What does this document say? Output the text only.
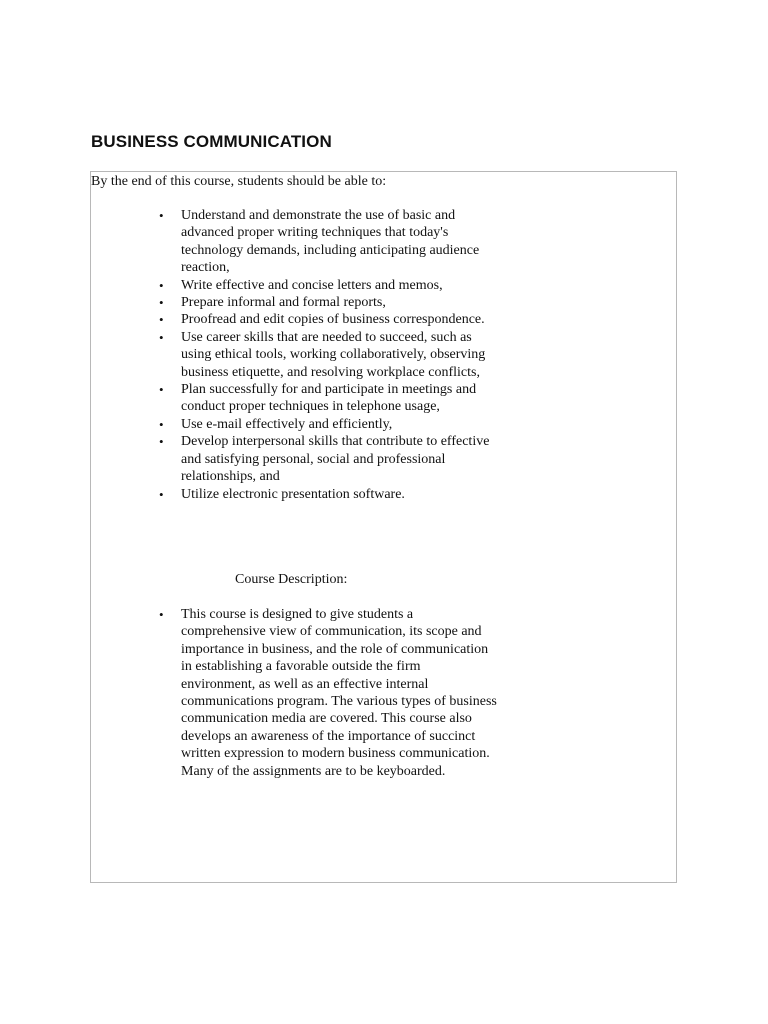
BUSINESS COMMUNICATION

By the end of this course, students should be able to:

• Understand and demonstrate the use of basic and advanced proper writing techniques that today's technology demands, including anticipating audience reaction,
• Write effective and concise letters and memos,
• Prepare informal and formal reports,
• Proofread and edit copies of business correspondence.
• Use career skills that are needed to succeed, such as using ethical tools, working collaboratively, observing business etiquette, and resolving workplace conflicts,
• Plan successfully for and participate in meetings and conduct proper techniques in telephone usage,
• Use e-mail effectively and efficiently,
• Develop interpersonal skills that contribute to effective and satisfying personal, social and professional relationships, and
• Utilize electronic presentation software.

Course Description:

• This course is designed to give students a comprehensive view of communication, its scope and importance in business, and the role of communication in establishing a favorable outside the firm environment, as well as an effective internal communications program. The various types of business communication media are covered. This course also develops an awareness of the importance of succinct written expression to modern business communication. Many of the assignments are to be keyboarded.
